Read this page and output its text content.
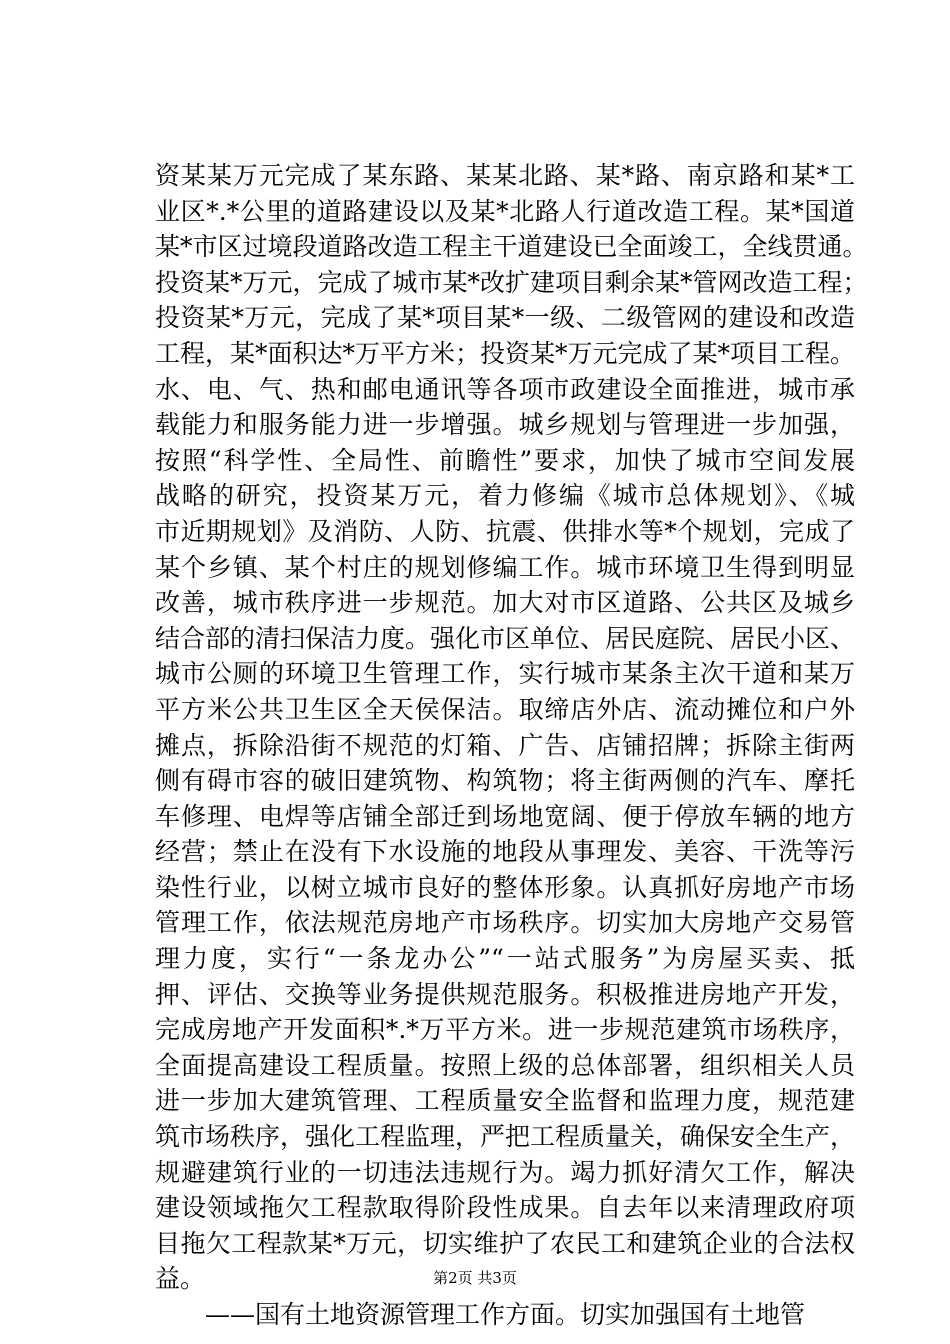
资某某万元完成了某东路、某某北路、某*路、南京路和某*工
业区*.*公里的道路建设以及某*北路人行道改造工程。某*国道
某*市区过境段道路改造工程主干道建设已全面竣工，全线贯通。
投资某*万元，完成了城市某*改扩建项目剩余某*管网改造工程；
投资某*万元，完成了某*项目某*一级、二级管网的建设和改造
工程，某*面积达*万平方米；投资某*万元完成了某*项目工程。
水、电、气、热和邮电通讯等各项市政建设全面推进，城市承
载能力和服务能力进一步增强。城乡规划与管理进一步加强，
按照“科学性、全局性、前瞻性”要求，加快了城市空间发展
战略的研究，投资某万元，着力修编《城市总体规划》、《城
市近期规划》及消防、人防、抗震、供排水等*个规划，完成了
某个乡镇、某个村庄的规划修编工作。城市环境卫生得到明显
改善，城市秩序进一步规范。加大对市区道路、公共区及城乡
结合部的清扫保洁力度。强化市区单位、居民庭院、居民小区、
城市公厕的环境卫生管理工作，实行城市某条主次干道和某万
平方米公共卫生区全天侯保洁。取缔店外店、流动摊位和户外
摊点，拆除沿街不规范的灯箱、广告、店铺招牌；拆除主街两
侧有碍市容的破旧建筑物、构筑物；将主街两侧的汽车、摩托
车修理、电焊等店铺全部迁到场地宽阔、便于停放车辆的地方
经营；禁止在没有下水设施的地段从事理发、美容、干洗等污
染性行业，以树立城市良好的整体形象。认真抓好房地产市场
管理工作，依法规范房地产市场秩序。切实加大房地产交易管
理力度，实行“一条龙办公”“一站式服务”为房屋买卖、抵
押、评估、交换等业务提供规范服务。积极推进房地产开发，
完成房地产开发面积*.*万平方米。进一步规范建筑市场秩序，
全面提高建设工程质量。按照上级的总体部署，组织相关人员
进一步加大建筑管理、工程质量安全监督和监理力度，规范建
筑市场秩序，强化工程监理，严把工程质量关，确保安全生产，
规避建筑行业的一切违法违规行为。竭力抓好清欠工作，解决
建设领域拖欠工程款取得阶段性成果。自去年以来清理政府项
目拖欠工程款某*万元，切实维护了农民工和建筑企业的合法权
益。
——国有土地资源管理工作方面。切实加强国有土地管
第2页 共3页
